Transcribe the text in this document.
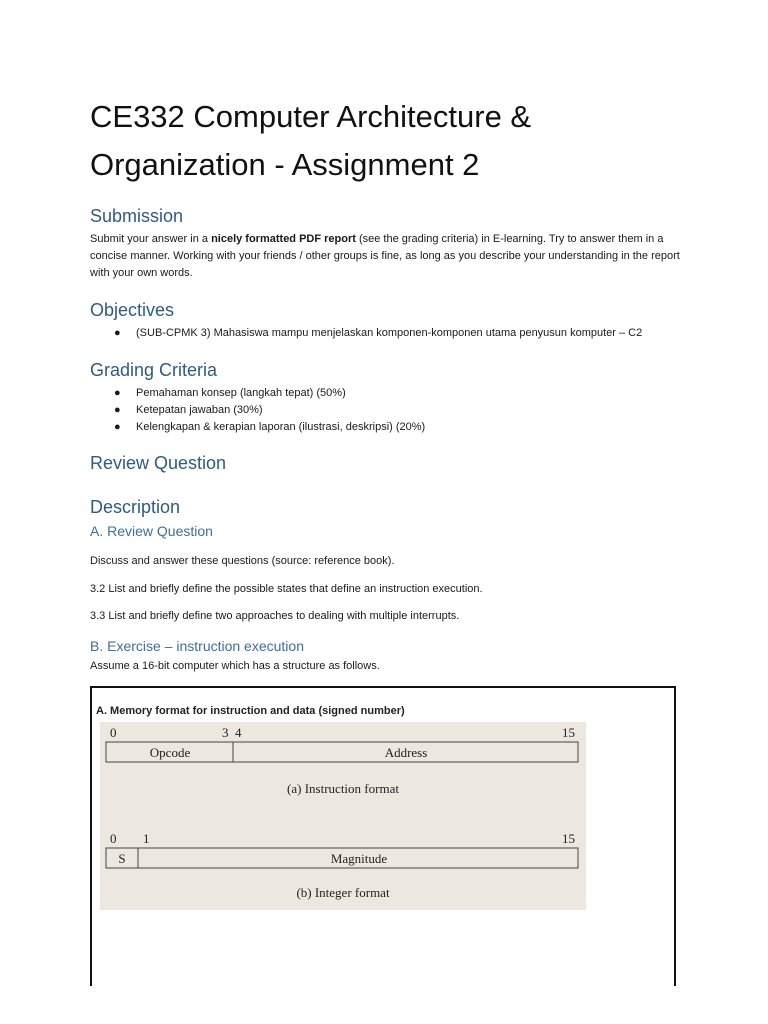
CE332 Computer Architecture & Organization - Assignment 2
Submission

Submit your answer in a nicely formatted PDF report (see the grading criteria) in E-learning. Try to answer them in a concise manner. Working with your friends / other groups is fine, as long as you describe your understanding in the report with your own words.

Objectives
● (SUB-CPMK 3) Mahasiswa mampu menjelaskan komponen-komponen utama penyusun komputer – C2
Grading Criteria
● Pemahaman konsep (langkah tepat) (50%)
● Ketepatan jawaban (30%)
● Kelengkapan & kerapian laporan (ilustrasi, deskripsi) (20%)
Review Question
Description
A. Review Question

Discuss and answer these questions (source: reference book).

3.2 List and briefly define the possible states that define an instruction execution.

3.3 List and briefly define two approaches to dealing with multiple interrupts.

B. Exercise – instruction execution

Assume a 16-bit computer which has a structure as follows.

A. Memory format for instruction and data (signed number)
0	3 4	15
Opcode	Address
(a) Instruction format
0 1	15
S	Magnitude
(b) Integer format
